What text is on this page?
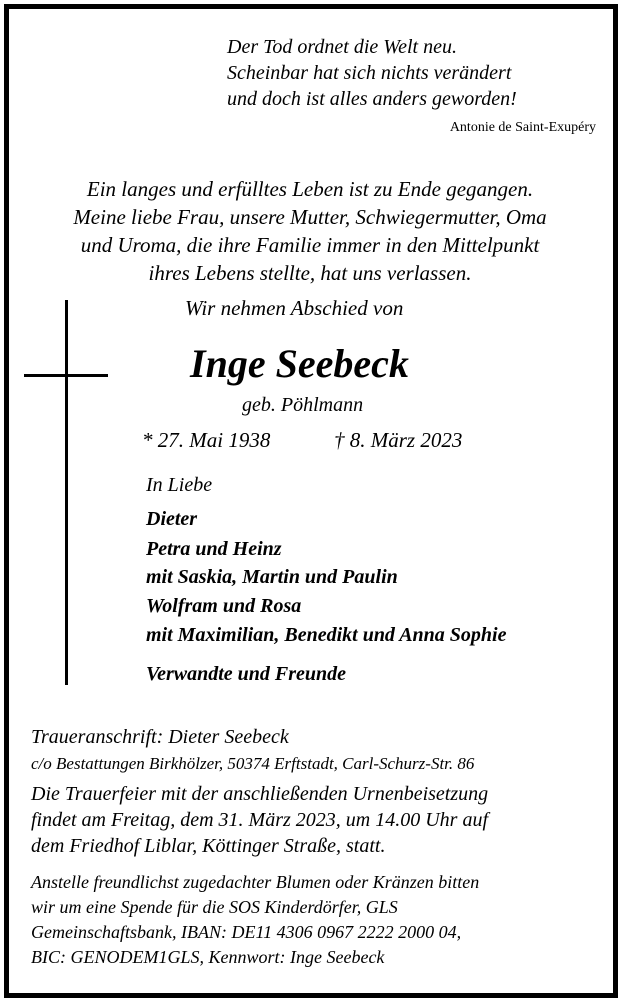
Der Tod ordnet die Welt neu.
Scheinbar hat sich nichts verändert
und doch ist alles anders geworden!
Antonie de Saint-Exupéry
Ein langes und erfülltes Leben ist zu Ende gegangen.
Meine liebe Frau, unsere Mutter, Schwiegermutter, Oma
und Uroma, die ihre Familie immer in den Mittelpunkt
ihres Lebens stellte, hat uns verlassen.
Wir nehmen Abschied von
Inge Seebeck
geb. Pöhlmann
* 27. Mai 1938	† 8. März 2023
In Liebe
Dieter
Petra und Heinz
mit Saskia, Martin und Paulin
Wolfram und Rosa
mit Maximilian, Benedikt und Anna Sophie
Verwandte und Freunde
Traueranschrift: Dieter Seebeck
c/o Bestattungen Birkhölzer, 50374 Erftstadt, Carl-Schurz-Str. 86
Die Trauerfeier mit der anschließenden Urnenbeisetzung
findet am Freitag, dem 31. März 2023, um 14.00 Uhr auf
dem Friedhof Liblar, Köttinger Straße, statt.
Anstelle freundlichst zugedachter Blumen oder Kränzen bitten
wir um eine Spende für die SOS Kinderdörfer, GLS
Gemeinschaftsbank, IBAN: DE11 4306 0967 2222 2000 04,
BIC: GENODEM1GLS, Kennwort: Inge Seebeck
